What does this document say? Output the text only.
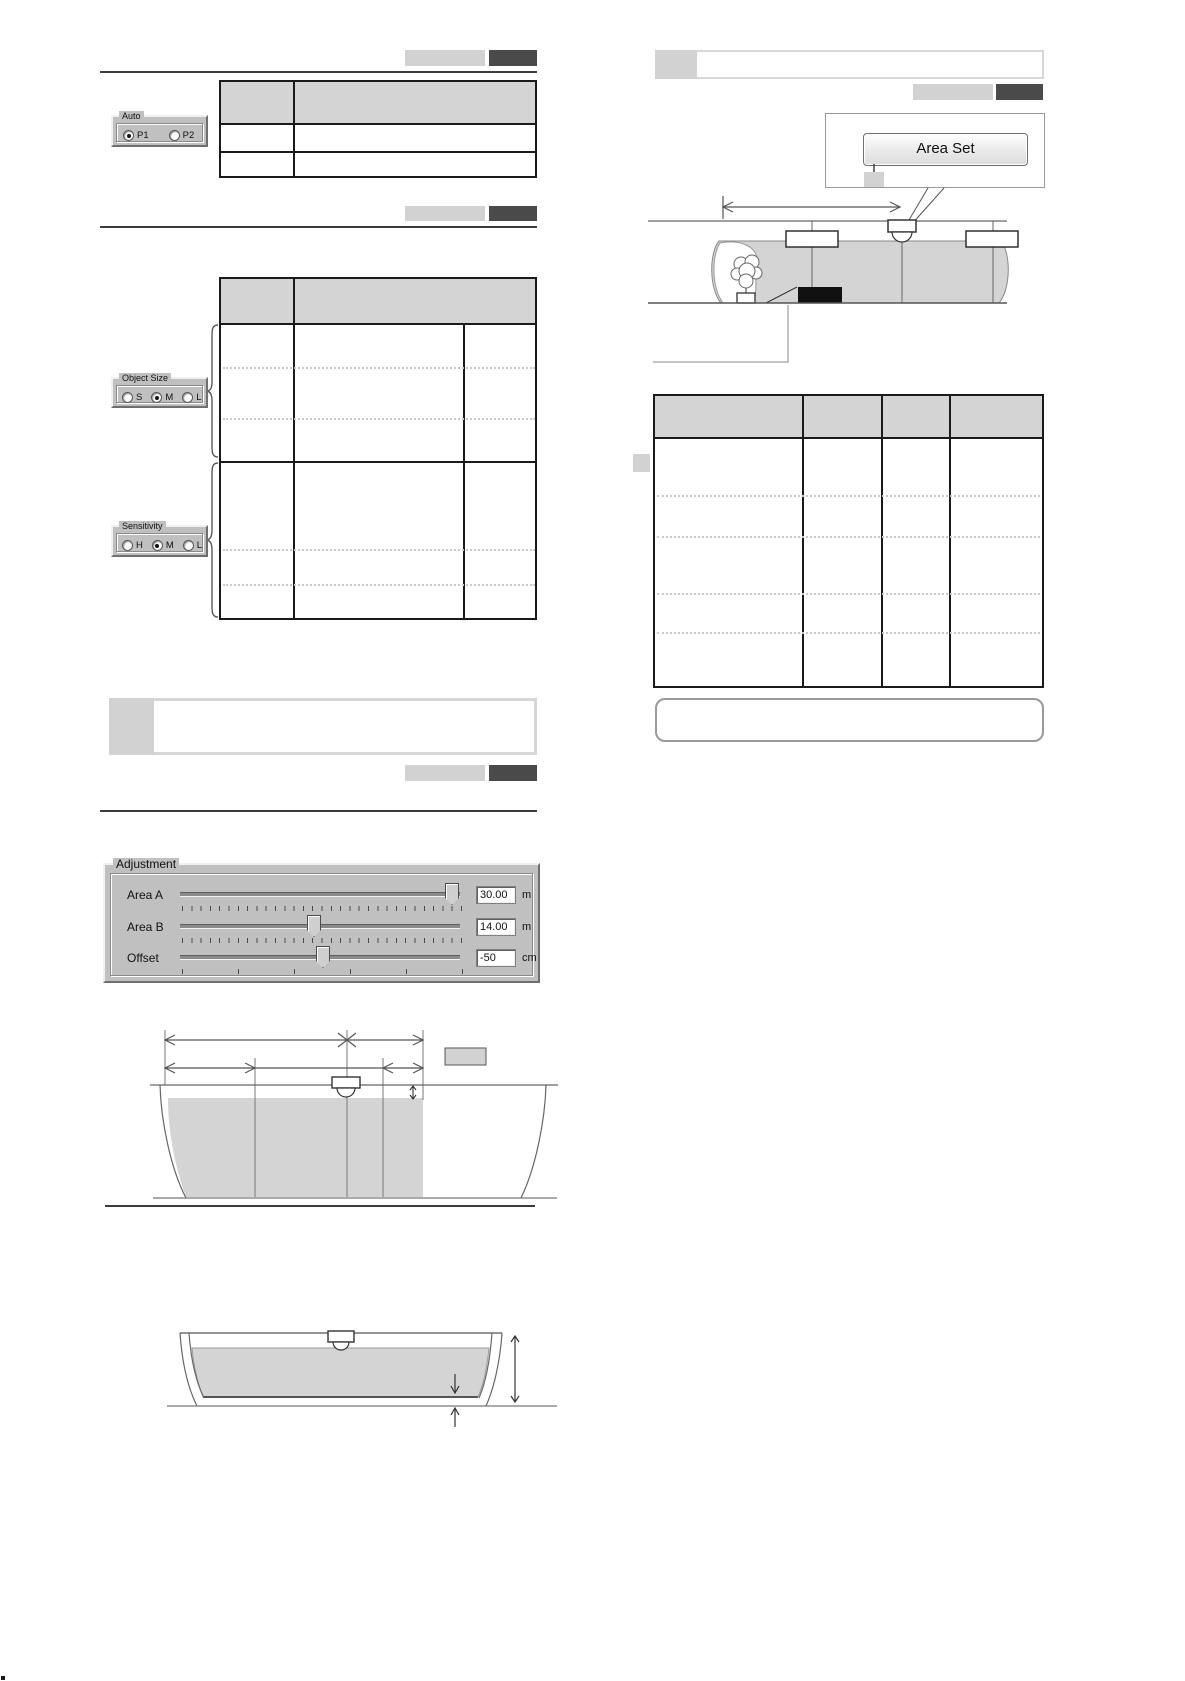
Auto
P1	P2
Object Size
S M L
Sensitivity
H M L
Adjustment
Area A
30.00	m
Area B
14.00	m
Offset
-50	cm
Area Set
